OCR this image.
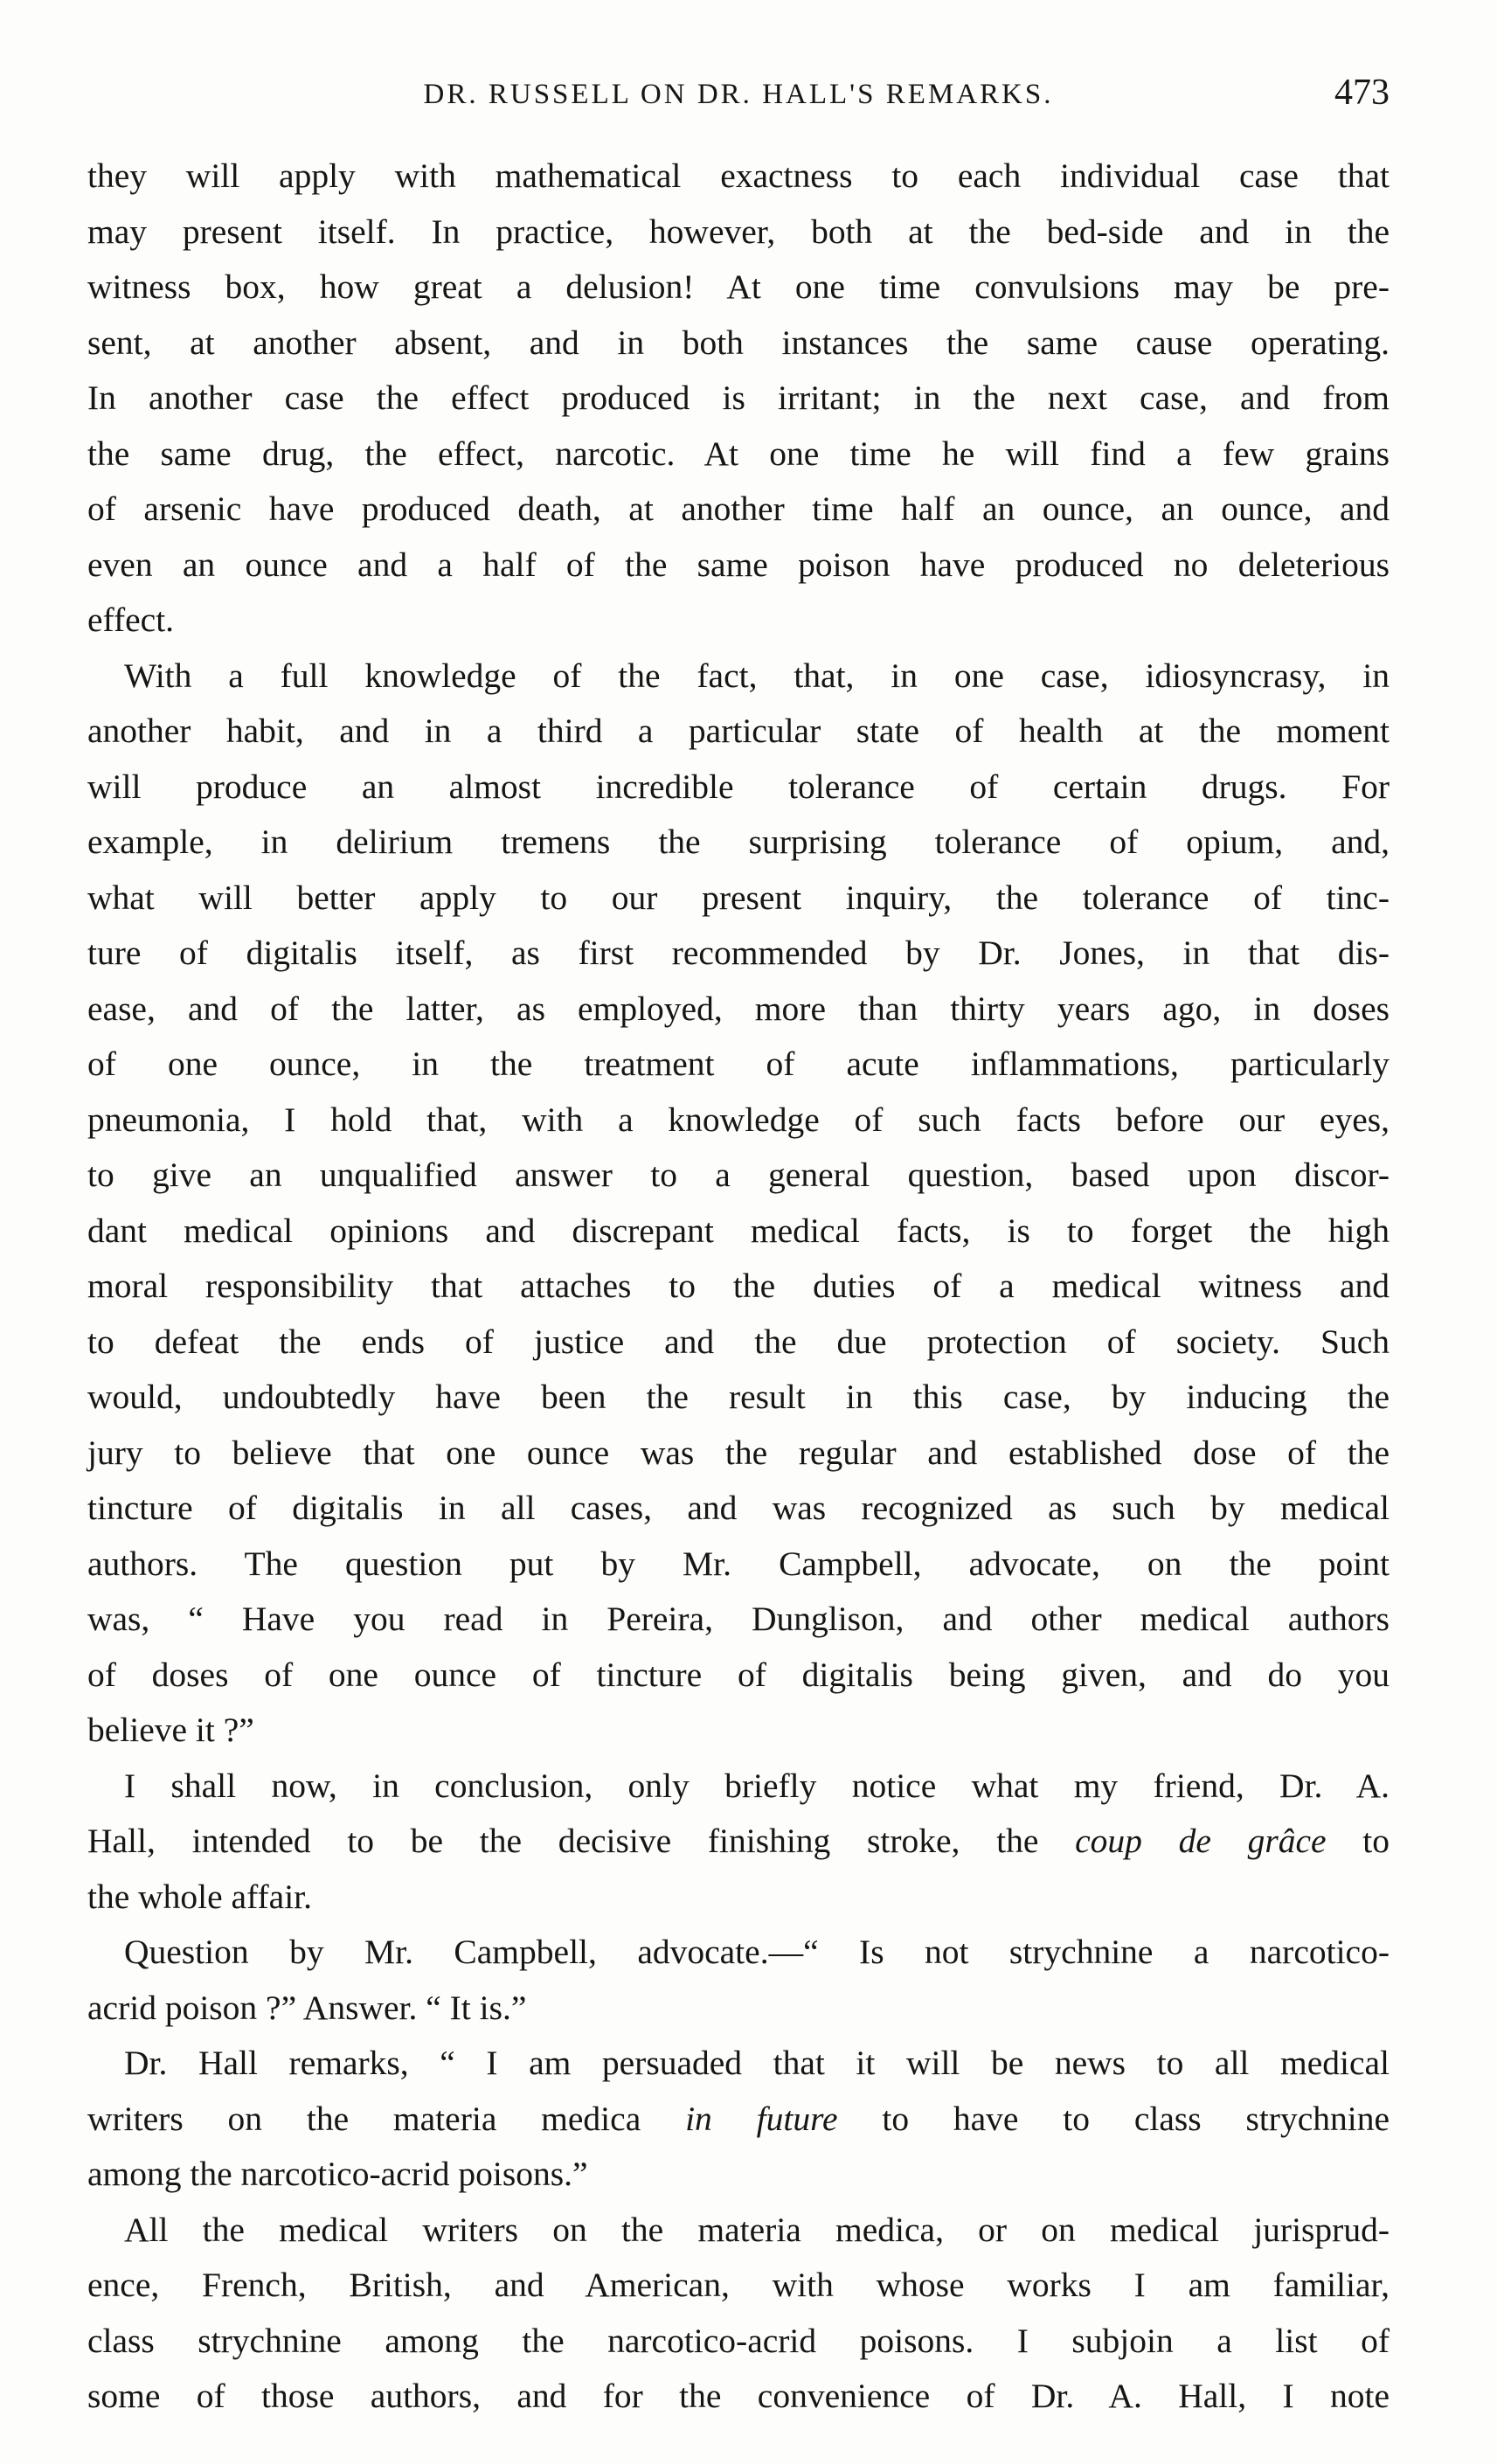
DR. RUSSELL ON DR. HALL'S REMARKS.	473
they will apply with mathematical exactness to each individual case that
may present itself. In practice, however, both at the bed-side and in the
witness box, how great a delusion! At one time convulsions may be pre-
sent, at another absent, and in both instances the same cause operating.
In another case the effect produced is irritant; in the next case, and from
the same drug, the effect, narcotic. At one time he will find a few grains
of arsenic have produced death, at another time half an ounce, an ounce, and
even an ounce and a half of the same poison have produced no deleterious
effect.
With a full knowledge of the fact, that, in one case, idiosyncrasy, in
another habit, and in a third a particular state of health at the moment
will produce an almost incredible tolerance of certain drugs. For
example, in delirium tremens the surprising tolerance of opium, and,
what will better apply to our present inquiry, the tolerance of tinc-
ture of digitalis itself, as first recommended by Dr. Jones, in that dis-
ease, and of the latter, as employed, more than thirty years ago, in doses
of one ounce, in the treatment of acute inflammations, particularly
pneumonia, I hold that, with a knowledge of such facts before our eyes,
to give an unqualified answer to a general question, based upon discor-
dant medical opinions and discrepant medical facts, is to forget the high
moral responsibility that attaches to the duties of a medical witness and
to defeat the ends of justice and the due protection of society. Such
would, undoubtedly have been the result in this case, by inducing the
jury to believe that one ounce was the regular and established dose of the
tincture of digitalis in all cases, and was recognized as such by medical
authors. The question put by Mr. Campbell, advocate, on the point
was, “ Have you read in Pereira, Dunglison, and other medical authors
of doses of one ounce of tincture of digitalis being given, and do you
believe it ?”
I shall now, in conclusion, only briefly notice what my friend, Dr. A.
Hall, intended to be the decisive finishing stroke, the coup de grâce to
the whole affair.
Question by Mr. Campbell, advocate.—“ Is not strychnine a narcotico-
acrid poison ?” Answer. “ It is.”
Dr. Hall remarks, “ I am persuaded that it will be news to all medical
writers on the materia medica in future to have to class strychnine
among the narcotico-acrid poisons.”
All the medical writers on the materia medica, or on medical jurisprud-
ence, French, British, and American, with whose works I am familiar,
class strychnine among the narcotico-acrid poisons. I subjoin a list of
some of those authors, and for the convenience of Dr. A. Hall, I note
